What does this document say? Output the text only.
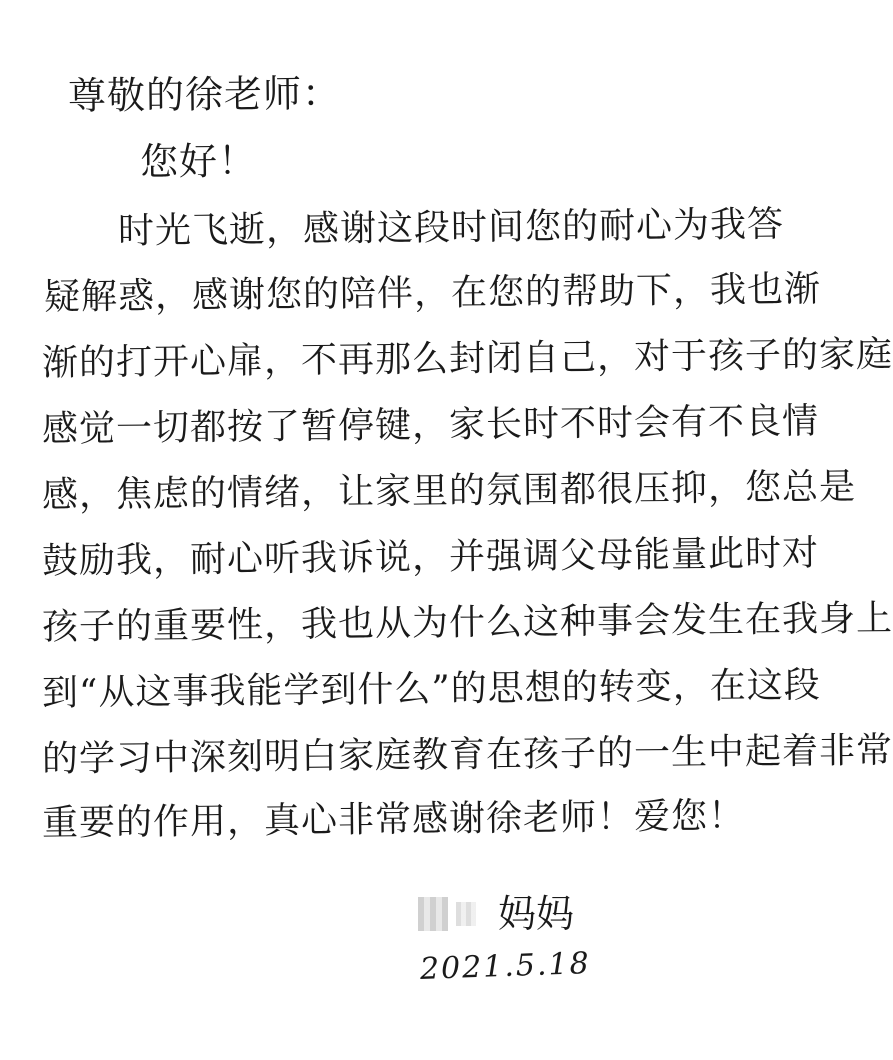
尊敬的徐老师：
您好！
时光飞逝，感谢这段时间您的耐心为我答
疑解惑，感谢您的陪伴，在您的帮助下，我也渐
渐的打开心扉，不再那么封闭自己，对于孩子的家庭
感觉一切都按了暂停键，家长时不时会有不良情
感，焦虑的情绪，让家里的氛围都很压抑，您总是
鼓励我，耐心听我诉说，并强调父母能量此时对
孩子的重要性，我也从为什么这种事会发生在我身上
到“从这事我能学到什么”的思想的转变，在这段
的学习中深刻明白家庭教育在孩子的一生中起着非常
重要的作用，真心非常感谢徐老师！爱您！
妈妈
2021.5.18
